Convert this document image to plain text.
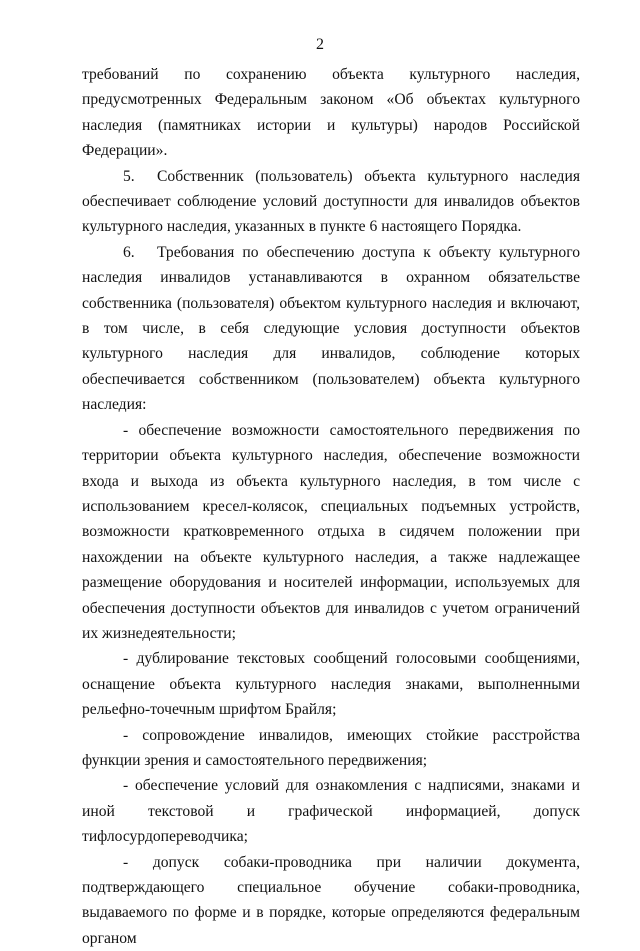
2

требований по сохранению объекта культурного наследия, предусмотренных Федеральным законом «Об объектах культурного наследия (памятниках истории и культуры) народов Российской Федерации».

5. Собственник (пользователь) объекта культурного наследия обеспечивает соблюдение условий доступности для инвалидов объектов культурного наследия, указанных в пункте 6 настоящего Порядка.

6. Требования по обеспечению доступа к объекту культурного наследия инвалидов устанавливаются в охранном обязательстве собственника (пользователя) объектом культурного наследия и включают, в том числе, в себя следующие условия доступности объектов культурного наследия для инвалидов, соблюдение которых обеспечивается собственником (пользователем) объекта культурного наследия:

- обеспечение возможности самостоятельного передвижения по территории объекта культурного наследия, обеспечение возможности входа и выхода из объекта культурного наследия, в том числе с использованием кресел-колясок, специальных подъемных устройств, возможности кратковременного отдыха в сидячем положении при нахождении на объекте культурного наследия, а также надлежащее размещение оборудования и носителей информации, используемых для обеспечения доступности объектов для инвалидов с учетом ограничений их жизнедеятельности;

- дублирование текстовых сообщений голосовыми сообщениями, оснащение объекта культурного наследия знаками, выполненными рельефно-точечным шрифтом Брайля;

- сопровождение инвалидов, имеющих стойкие расстройства функции зрения и самостоятельного передвижения;

- обеспечение условий для ознакомления с надписями, знаками и иной текстовой и графической информацией, допуск тифлосурдопереводчика;

- допуск собаки-проводника при наличии документа, подтверждающего специальное обучение собаки-проводника, выдаваемого по форме и в порядке, которые определяются федеральным органом
